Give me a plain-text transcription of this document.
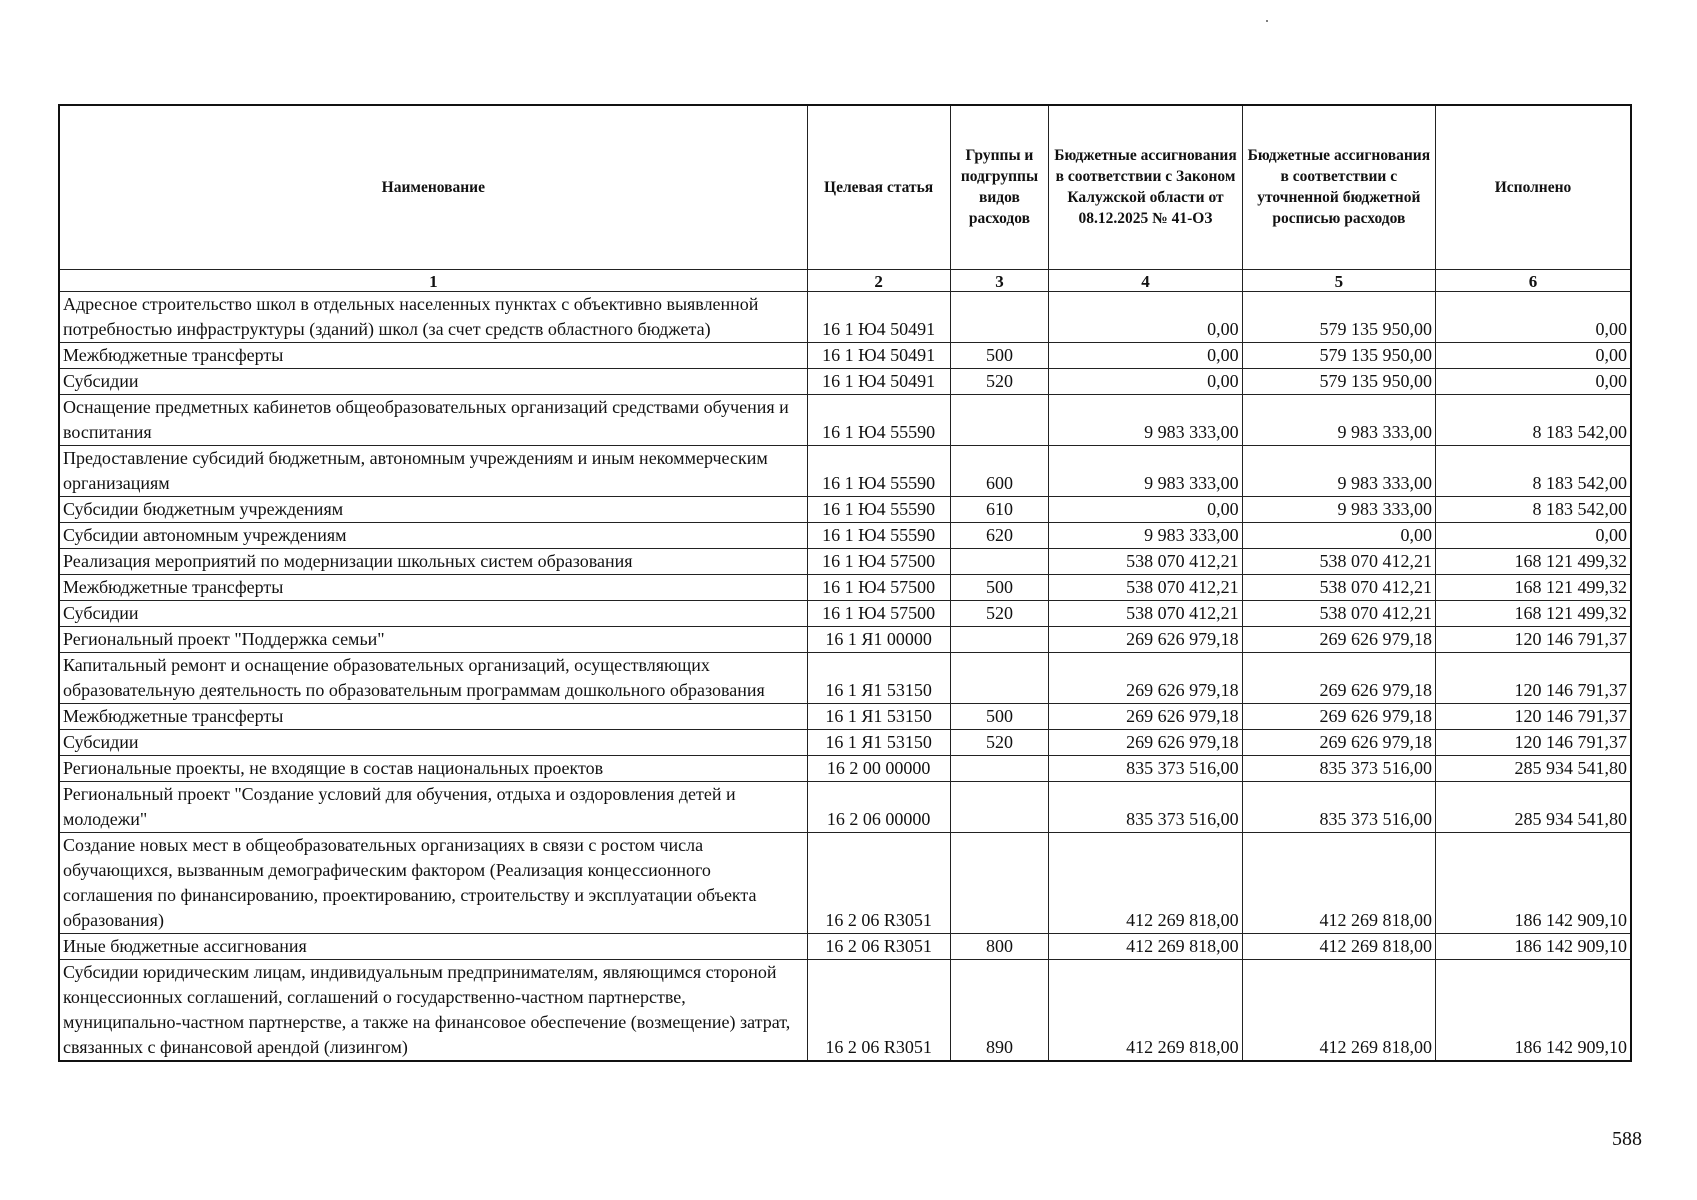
Наименование	Целевая статья	Группы и подгруппы видов расходов	Бюджетные ассигнования в соответствии с Законом Калужской области от 08.12.2025 № 41-ОЗ	Бюджетные ассигнования в соответствии с уточненной бюджетной росписью расходов	Исполнено
1	2	3	4	5	6
Адресное строительство школ в отдельных населенных пунктах с объективно выявленной потребностью инфраструктуры (зданий) школ (за счет средств областного бюджета)	16 1 Ю4 50491		0,00	579 135 950,00	0,00
Межбюджетные трансферты	16 1 Ю4 50491	500	0,00	579 135 950,00	0,00
Субсидии	16 1 Ю4 50491	520	0,00	579 135 950,00	0,00
Оснащение предметных кабинетов общеобразовательных организаций средствами обучения и воспитания	16 1 Ю4 55590		9 983 333,00	9 983 333,00	8 183 542,00
Предоставление субсидий бюджетным, автономным учреждениям и иным некоммерческим организациям	16 1 Ю4 55590	600	9 983 333,00	9 983 333,00	8 183 542,00
Субсидии бюджетным учреждениям	16 1 Ю4 55590	610	0,00	9 983 333,00	8 183 542,00
Субсидии автономным учреждениям	16 1 Ю4 55590	620	9 983 333,00	0,00	0,00
Реализация мероприятий по модернизации школьных систем образования	16 1 Ю4 57500		538 070 412,21	538 070 412,21	168 121 499,32
Межбюджетные трансферты	16 1 Ю4 57500	500	538 070 412,21	538 070 412,21	168 121 499,32
Субсидии	16 1 Ю4 57500	520	538 070 412,21	538 070 412,21	168 121 499,32
Региональный проект "Поддержка семьи"	16 1 Я1 00000		269 626 979,18	269 626 979,18	120 146 791,37
Капитальный ремонт и оснащение образовательных организаций, осуществляющих образовательную деятельность по образовательным программам дошкольного образования	16 1 Я1 53150		269 626 979,18	269 626 979,18	120 146 791,37
Межбюджетные трансферты	16 1 Я1 53150	500	269 626 979,18	269 626 979,18	120 146 791,37
Субсидии	16 1 Я1 53150	520	269 626 979,18	269 626 979,18	120 146 791,37
Региональные проекты, не входящие в состав национальных проектов	16 2 00 00000		835 373 516,00	835 373 516,00	285 934 541,80
Региональный проект "Создание условий для обучения, отдыха и оздоровления детей и молодежи"	16 2 06 00000		835 373 516,00	835 373 516,00	285 934 541,80
Создание новых мест в общеобразовательных организациях в связи с ростом числа обучающихся, вызванным демографическим фактором (Реализация концессионного соглашения по финансированию, проектированию, строительству и эксплуатации объекта образования)	16 2 06 R3051		412 269 818,00	412 269 818,00	186 142 909,10
Иные бюджетные ассигнования	16 2 06 R3051	800	412 269 818,00	412 269 818,00	186 142 909,10
Субсидии юридическим лицам, индивидуальным предпринимателям, являющимся стороной концессионных соглашений, соглашений о государственно-частном партнерстве, муниципально-частном партнерстве, а также на финансовое обеспечение (возмещение) затрат, связанных с финансовой арендой (лизингом)	16 2 06 R3051	890	412 269 818,00	412 269 818,00	186 142 909,10
588
